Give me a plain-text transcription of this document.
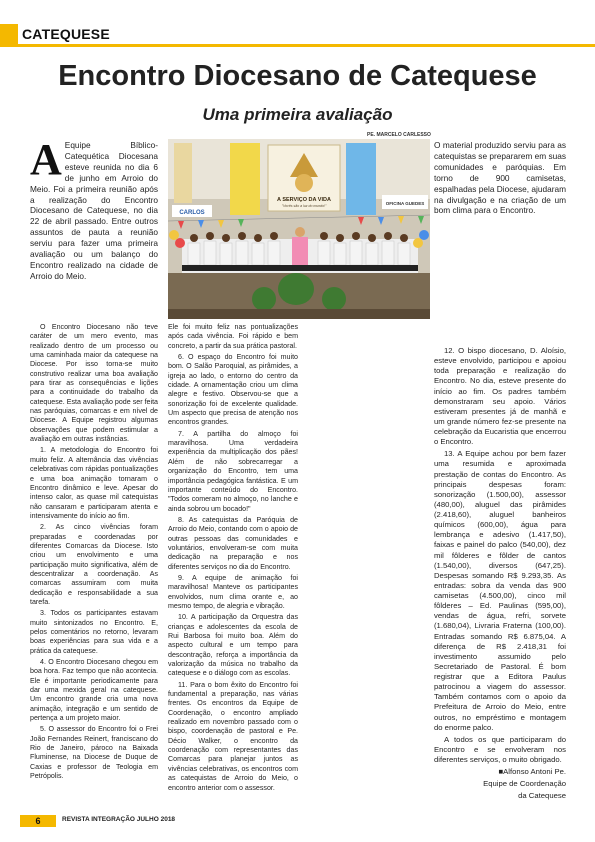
CATEQUESE
Encontro Diocesano de Catequese
Uma primeira avaliação
PE. MARCELO CARLESSO
A SERVIÇO DA VIDA
"Vocês são a luz do mundo!"
CARLOS
OFICINA GUEDES

A Equipe Bíblico-Catequética Diocesana esteve reunida no dia 6 de junho em Arroio do Meio. Foi a primeira reunião após a realização do Encontro Diocesano de Catequese, no dia 22 de abril passado. Entre outros assuntos de pauta a reunião serviu para fazer uma primeira avaliação ou um balanço do Encontro realizado na cidade de Arroio do Meio.

O Encontro Diocesano não teve caráter de um mero evento, mas realizado dentro de um processo ou uma caminhada maior da catequese na Diocese. Por isso torna-se muito construtivo realizar uma boa avaliação para tirar as consequências e lições para a continuidade do trabalho da catequese. Esta avaliação pode ser feita nas paróquias, comarcas e em nível de Diocese. A Equipe registrou algumas observações que podem estimular a avaliação em outras instâncias.

1. A metodologia do Encontro foi muito feliz. A alternância das vivências celebrativas com rápidas pontualizações e uma boa animação tornaram o Encontro dinâmico e leve. Apesar do intenso calor, as quase mil catequistas não cansaram e participaram atenta e intensivamente do início ao fim.

2. As cinco vivências foram preparadas e coordenadas por diferentes Comarcas da Diocese. Isto criou um envolvimento e uma participação muito significativa, além de descentralizar a coordenação. As comarcas assumiram com muita dedicação e responsabilidade a sua tarefa.

3. Todos os participantes estavam muito sintonizados no Encontro. E, pelos comentários no retorno, levaram boas experiências para sua vida e a prática da catequese.

4. O Encontro Diocesano chegou em boa hora. Faz tempo que não acontecia. Ele é importante periodicamente para dar uma mexida geral na catequese. Um encontro grande cria uma nova animação, integração e um sentido de pertença a um projeto maior.

5. O assessor do Encontro foi o Frei João Fernandes Reinert, franciscano do Rio de Janeiro, pároco na Baixada Fluminense, na Diocese de Duque de Caxias e professor de Teologia em Petrópolis.

Ele foi muito feliz nas pontualizações após cada vivência. Foi rápido e bem concreto, a partir da sua prática pastoral.

6. O espaço do Encontro foi muito bom. O Salão Paroquial, as pirâmides, a igreja ao lado, o entorno do centro da cidade. A ornamentação criou um clima alegre e festivo. Observou-se que a sonorização foi de excelente qualidade. Um aspecto que precisa de atenção nos encontros grandes.

7. A partilha do almoço foi maravilhosa. Uma verdadeira experiência da multiplicação dos pães! Além de não sobrecarregar a organização do Encontro, tem uma importância pedagógica fantástica. E um importante conteúdo do Encontro. "Todos comeram no almoço, no lanche e ainda sobrou um bocado!"

8. As catequistas da Paróquia de Arroio do Meio, contando com o apoio de outras pessoas das comunidades e voluntários, envolveram-se com muita dedicação na preparação e nos diferentes serviços no dia do Encontro.

9. A equipe de animação foi maravilhosa! Manteve os participantes envolvidos, num clima orante e, ao mesmo tempo, de alegria e vibração.

10. A participação da Orquestra das crianças e adolescentes da escola de Rui Barbosa foi muito boa. Além do aspecto cultural e um tempo para descontração, reforça a importância da valorização da música no trabalho da catequese e o diálogo com as escolas.

11. Para o bom êxito do Encontro foi fundamental a preparação, nas várias frentes. Os encontros da Equipe de Coordenação, o encontro ampliado realizado em novembro passado com o bispo, coordenação de pastoral e Pe. Décio Walker, o encontro da coordenação com representantes das Comarcas para planejar juntos as vivências celebrativas, os encontros com as catequistas de Arroio do Meio, o encontro anterior com o assessor.

O material produzido serviu para as catequistas se prepararem em suas comunidades e paróquias. Em torno de 900 camisetas, espalhadas pela Diocese, ajudaram na divulgação e na criação de um bom clima para o Encontro.

12. O bispo diocesano, D. Aloísio, esteve envolvido, participou e apoiou toda preparação e realização do Encontro. No dia, esteve presente do início ao fim. Os padres também demonstraram seu apoio. Vários estiveram presentes já de manhã e um grande número fez-se presente na celebração da Eucaristia que encerrou o Encontro.

13. A Equipe achou por bem fazer uma resumida e aproximada prestação de contas do Encontro. As principais despesas foram: sonorização (1.500,00), assessor (480,00), aluguel das pirâmides (2.418,60), aluguel banheiros químicos (600,00), água para lembrança e adesivo (1.417,50), faixas e painel do palco (540,00), dez mil fôlderes e fôlder de cantos (1.540,00), diversos (647,25). Despesas somando R$ 9.293,35. As entradas: sobra da venda das 900 camisetas (4.500,00), cinco mil fôlderes – Ed. Paulinas (595,00), vendas de água, refri, sorvete (1.680,04), Livraria Fraterna (100,00). Entradas somando R$ 6.875,04. A diferença de R$ 2.418,31 foi investimento assumido pelo Secretariado de Pastoral. É bom registrar que a Editora Paulus patrocinou a viagem do assessor. Também contamos com o apoio da Prefeitura de Arroio do Meio, entre outros, no empréstimo e montagem do enorme palco.

A todos os que participaram do Encontro e se envolveram nos diferentes serviços, o muito obrigado.

■Alfonso Antoni Pe.

Equipe de Coordenação

da Catequese

6	REVISTA INTEGRAÇÃO JULHO 2018
